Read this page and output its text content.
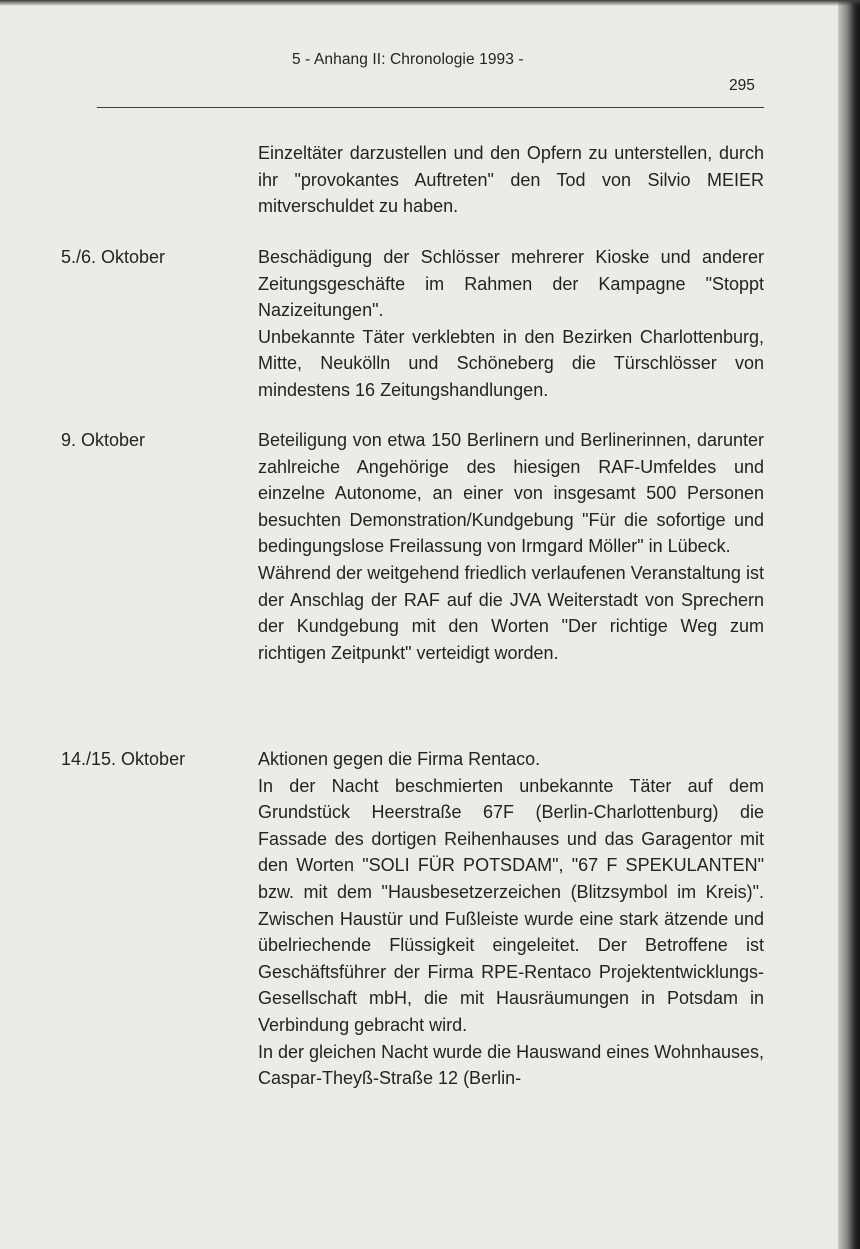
5 - Anhang II: Chronologie 1993 -
295

Einzeltäter darzustellen und den Opfern zu unterstellen, durch ihr "provokantes Auftreten" den Tod von Silvio MEIER mitverschuldet zu haben.

5./6. Oktober	Beschädigung der Schlösser mehrerer Kioske und anderer Zeitungsgeschäfte im Rahmen der Kampagne "Stoppt Nazizeitungen".

Unbekannte Täter verklebten in den Bezirken Charlottenburg, Mitte, Neukölln und Schöneberg die Türschlösser von mindestens 16 Zeitungshandlungen.

9. Oktober	Beteiligung von etwa 150 Berlinern und Berlinerinnen, darunter zahlreiche Angehörige des hiesigen RAF-Umfeldes und einzelne Autonome, an einer von insgesamt 500 Personen besuchten Demonstration/Kundgebung "Für die sofortige und bedingungslose Freilassung von Irmgard Möller" in Lübeck.

Während der weitgehend friedlich verlaufenen Veranstaltung ist der Anschlag der RAF auf die JVA Weiterstadt von Sprechern der Kundgebung mit den Worten "Der richtige Weg zum richtigen Zeitpunkt" verteidigt worden.

14./15. Oktober	Aktionen gegen die Firma Rentaco.

In der Nacht beschmierten unbekannte Täter auf dem Grundstück Heerstraße 67F (Berlin-Charlottenburg) die Fassade des dortigen Reihenhauses und das Garagentor mit den Worten "SOLI FÜR POTSDAM", "67 F SPEKULANTEN" bzw. mit dem "Hausbesetzerzeichen (Blitzsymbol im Kreis)". Zwischen Haustür und Fußleiste wurde eine stark ätzende und übelriechende Flüssigkeit eingeleitet. Der Betroffene ist Geschäftsführer der Firma RPE-Rentaco Projektentwicklungs-Gesellschaft mbH, die mit Hausräumungen in Potsdam in Verbindung gebracht wird.

In der gleichen Nacht wurde die Hauswand eines Wohnhauses, Caspar-Theyß-Straße 12 (Berlin-
